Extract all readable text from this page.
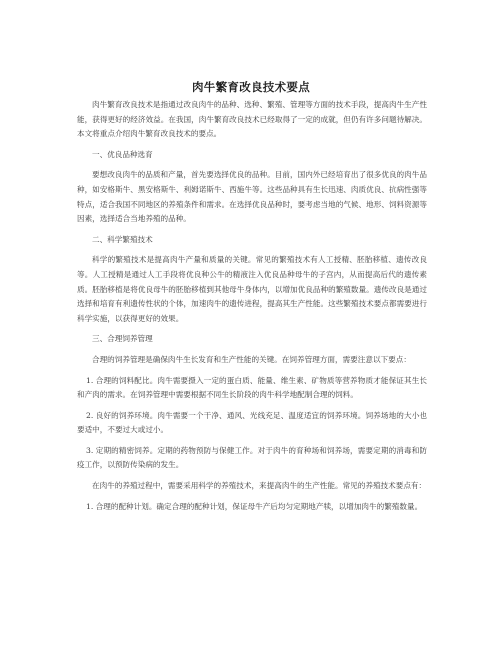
肉牛繁育改良技术要点

肉牛繁育改良技术是指通过改良肉牛的品种、选种、繁殖、管理等方面的技术手段，提高肉牛生产性能，获得更好的经济效益。在我国，肉牛繁育改良技术已经取得了一定的成就，但仍有许多问题待解决。本文将重点介绍肉牛繁育改良技术的要点。

一、优良品种选育

要想改良肉牛的品质和产量，首先要选择优良的品种。目前，国内外已经培育出了很多优良的肉牛品种，如安格斯牛、黑安格斯牛、利姆诺斯牛、西施牛等。这些品种具有生长迅速、肉质优良、抗病性强等特点，适合我国不同地区的养殖条件和需求。在选择优良品种时，要考虑当地的气候、地形、饲料资源等因素，选择适合当地养殖的品种。

二、科学繁殖技术

科学的繁殖技术是提高肉牛产量和质量的关键。常见的繁殖技术有人工授精、胚胎移植、遗传改良等。人工授精是通过人工手段将优良种公牛的精液注入优良品种母牛的子宫内，从而提高后代的遗传素质。胚胎移植是将优良母牛的胚胎移植到其他母牛身体内，以增加优良品种的繁殖数量。遗传改良是通过选择和培育有利遗传性状的个体，加速肉牛的遗传进程，提高其生产性能。这些繁殖技术要点都需要进行科学实施，以获得更好的效果。

三、合理饲养管理

合理的饲养管理是确保肉牛生长发育和生产性能的关键。在饲养管理方面，需要注意以下要点：

1. 合理的饲料配比。肉牛需要摄入一定的蛋白质、能量、维生素、矿物质等营养物质才能保证其生长和产肉的需求。在饲养管理中需要根据不同生长阶段的肉牛科学地配制合理的饲料。

2. 良好的饲养环境。肉牛需要一个干净、通风、光线充足、温度适宜的饲养环境。饲养场地的大小也要适中，不要过大或过小。

3. 定期的精密饲养。定期的药物预防与保健工作。对于肉牛的育种场和饲养场，需要定期的消毒和防疫工作，以预防传染病的发生。

在肉牛的养殖过程中，需要采用科学的养殖技术，来提高肉牛的生产性能。常见的养殖技术要点有：

1. 合理的配种计划。确定合理的配种计划，保证母牛产后均匀定期地产犊，以增加肉牛的繁殖数量。
